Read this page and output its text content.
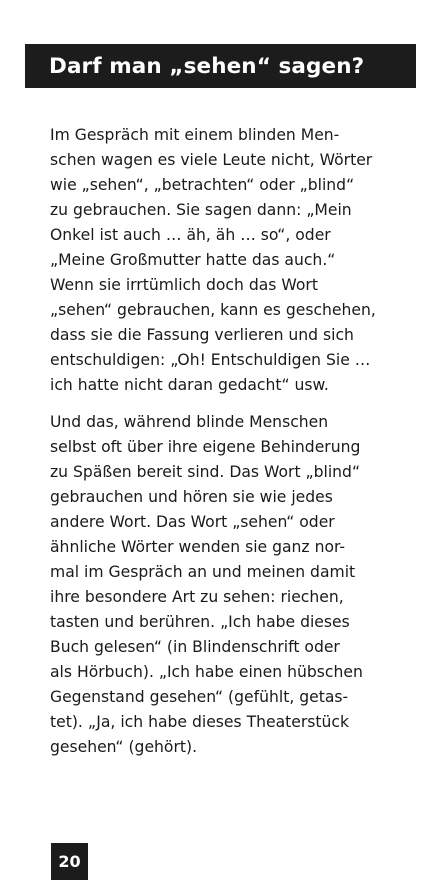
Darf man „sehen“ sagen?

Im Gespräch mit einem blinden Men-
schen wagen es viele Leute nicht, Wörter
wie „sehen“, „betrachten“ oder „blind“
zu gebrauchen. Sie sagen dann: „Mein
Onkel ist auch … äh, äh … so“, oder
„Meine Großmutter hatte das auch.“
Wenn sie irrtümlich doch das Wort
„sehen“ gebrauchen, kann es geschehen,
dass sie die Fassung verlieren und sich
entschuldigen: „Oh! Entschuldigen Sie …
ich hatte nicht daran gedacht“ usw.

Und das, während blinde Menschen
selbst oft über ihre eigene Behinderung
zu Späßen bereit sind. Das Wort „blind“
gebrauchen und hören sie wie jedes
andere Wort. Das Wort „sehen“ oder
ähnliche Wörter wenden sie ganz nor-
mal im Gespräch an und meinen damit
ihre besondere Art zu sehen: riechen,
tasten und berühren. „Ich habe dieses
Buch gelesen“ (in Blindenschrift oder
als Hörbuch). „Ich habe einen hübschen
Gegenstand gesehen“ (gefühlt, getas-
tet). „Ja, ich habe dieses Theaterstück
gesehen“ (gehört).

20
